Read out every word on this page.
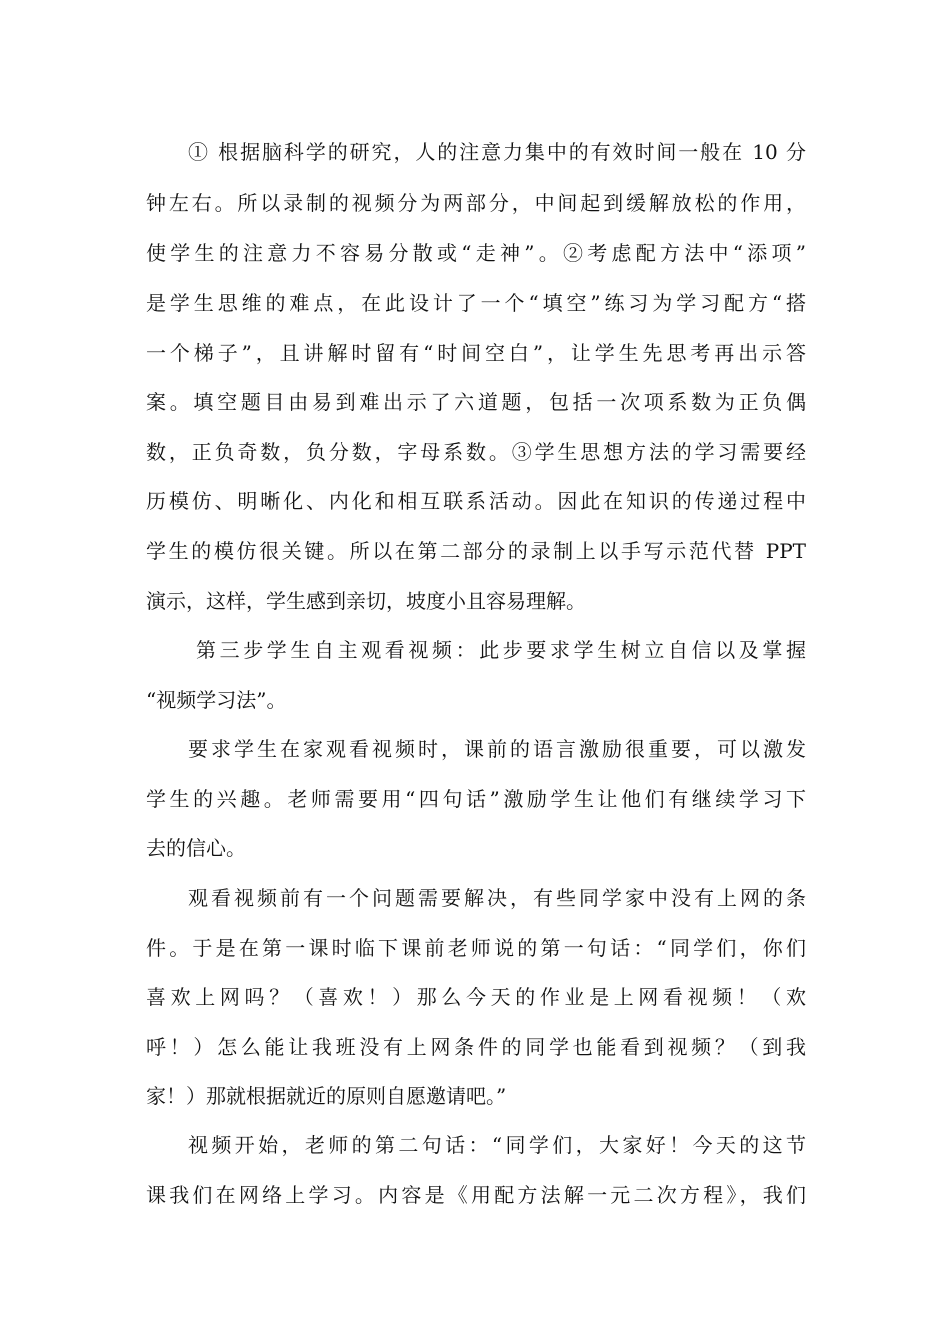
① 根据脑科学的研究，人的注意力集中的有效时间一般在 10 分
钟左右。所以录制的视频分为两部分，中间起到缓解放松的作用，
使学生的注意力不容易分散或“走神”。②考虑配方法中“添项”
是学生思维的难点，在此设计了一个“填空”练习为学习配方“搭
一个梯子”，且讲解时留有“时间空白”，让学生先思考再出示答
案。填空题目由易到难出示了六道题，包括一次项系数为正负偶
数，正负奇数，负分数，字母系数。③学生思想方法的学习需要经
历模仿、明晰化、内化和相互联系活动。因此在知识的传递过程中
学生的模仿很关键。所以在第二部分的录制上以手写示范代替 PPT
演示，这样，学生感到亲切，坡度小且容易理解。
第三步学生自主观看视频：此步要求学生树立自信以及掌握
“视频学习法”。
要求学生在家观看视频时，课前的语言激励很重要，可以激发
学生的兴趣。老师需要用“四句话”激励学生让他们有继续学习下
去的信心。
观看视频前有一个问题需要解决，有些同学家中没有上网的条
件。于是在第一课时临下课前老师说的第一句话：“同学们，你们
喜欢上网吗？（喜欢！）那么今天的作业是上网看视频！（欢
呼！）怎么能让我班没有上网条件的同学也能看到视频？（到我
家！）那就根据就近的原则自愿邀请吧。”
视频开始，老师的第二句话：“同学们，大家好！今天的这节
课我们在网络上学习。内容是《用配方法解一元二次方程》，我们
